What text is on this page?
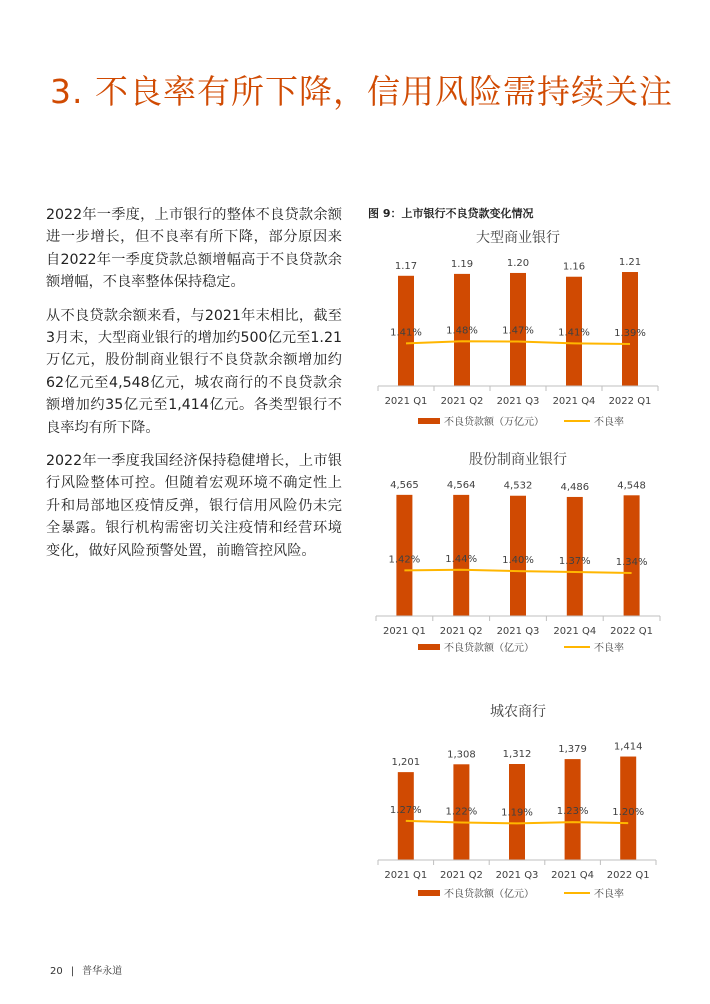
3. 不良率有所下降，信用风险需持续关注

2022年一季度，上市银行的整体不良贷款余额进一步增长，但不良率有所下降，部分原因来自2022年一季度贷款总额增幅高于不良贷款余额增幅，不良率整体保持稳定。

从不良贷款余额来看，与2021年末相比，截至3月末，大型商业银行的增加约500亿元至1.21万亿元，股份制商业银行不良贷款余额增加约62亿元至4,548亿元，城农商行的不良贷款余额增加约35亿元至1,414亿元。各类型银行不良率均有所下降。

2022年一季度我国经济保持稳健增长，上市银行风险整体可控。但随着宏观环境不确定性上升和局部地区疫情反弹，银行信用风险仍未完全暴露。银行机构需密切关注疫情和经营环境变化，做好风险预警处置，前瞻管控风险。

图 9：上市银行不良贷款变化情况
大型商业银行
1.17	1.19	1.20	1.16	1.21
1.41% 1.48% 1.47% 1.41% 1.39%
2021 Q1 2021 Q2 2021 Q3 2021 Q4 2022 Q1
不良贷款额（万亿元）	不良率
股份制商业银行
4,565	4,564	4,532	4,486	4,548
1.42%	1.44%	1.40%	1.37%	1.34%
2021 Q1 2021 Q2 2021 Q3 2021 Q4 2022 Q1
不良贷款额（亿元）	不良率
城农商行
1,201
1,308	1,312	1,379	1,414
1.27% 1.22% 1.19% 1.23% 1.20%
2021 Q1 2021 Q2 2021 Q3 2021 Q4 2022 Q1
不良贷款额（亿元）	不良率
20 | 普华永道
